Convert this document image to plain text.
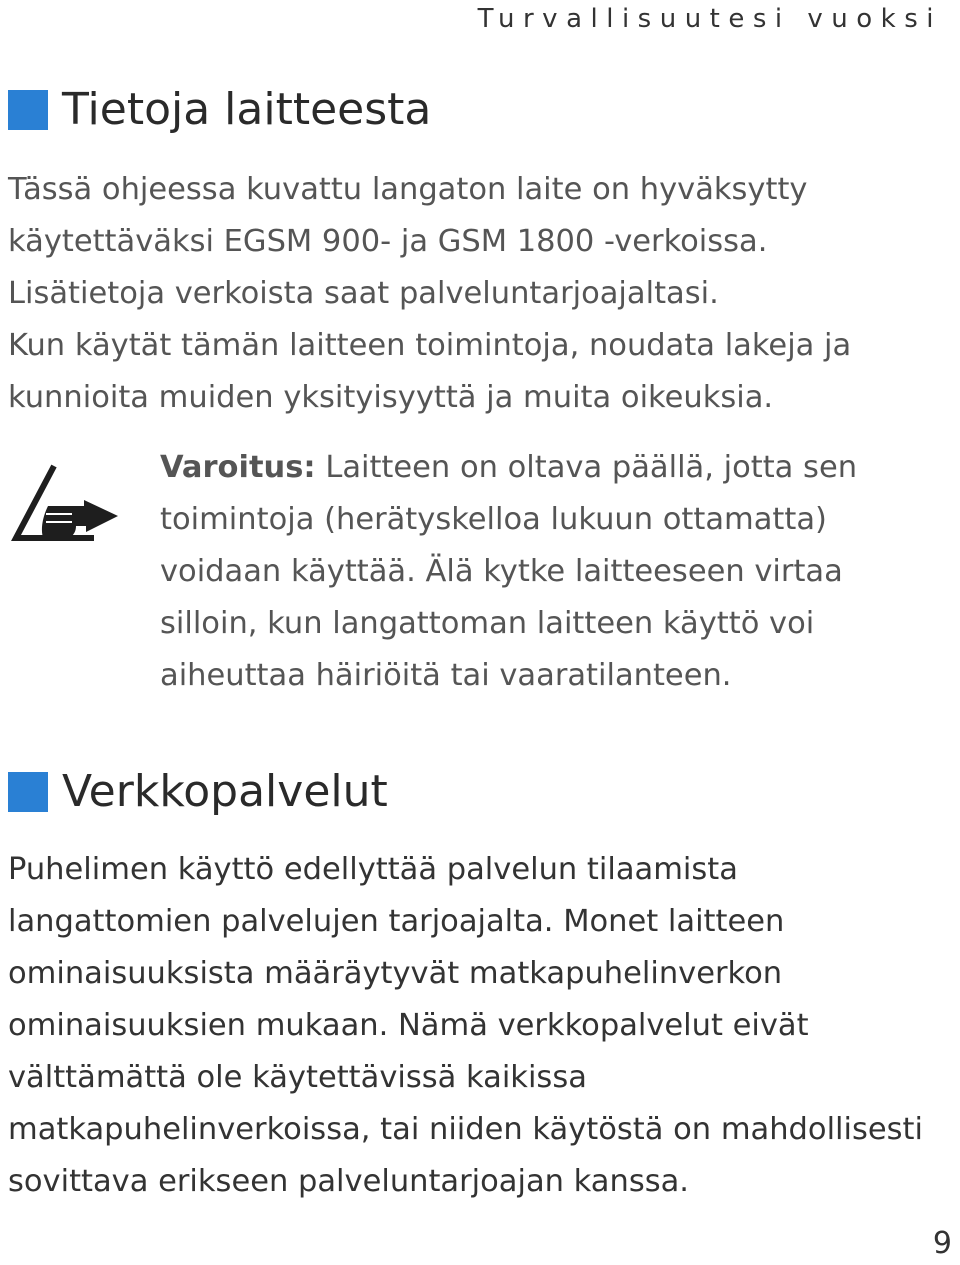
Turvallisuutesi vuoksi
Tietoja laitteesta

Tässä ohjeessa kuvattu langaton laite on hyväksytty
käytettäväksi EGSM 900- ja GSM 1800 -verkoissa.
Lisätietoja verkoista saat palveluntarjoajaltasi.
Kun käytät tämän laitteen toimintoja, noudata lakeja ja
kunnioita muiden yksityisyyttä ja muita oikeuksia.

Varoitus: Laitteen on oltava päällä, jotta sen
toimintoja (herätyskelloa lukuun ottamatta)
voidaan käyttää. Älä kytke laitteeseen virtaa
silloin, kun langattoman laitteen käyttö voi
aiheuttaa häiriöitä tai vaaratilanteen.

Verkkopalvelut

Puhelimen käyttö edellyttää palvelun tilaamista
langattomien palvelujen tarjoajalta. Monet laitteen
ominaisuuksista määräytyvät matkapuhelinverkon
ominaisuuksien mukaan. Nämä verkkopalvelut eivät
välttämättä ole käytettävissä kaikissa
matkapuhelinverkoissa, tai niiden käytöstä on mahdollisesti
sovittava erikseen palveluntarjoajan kanssa.

9
